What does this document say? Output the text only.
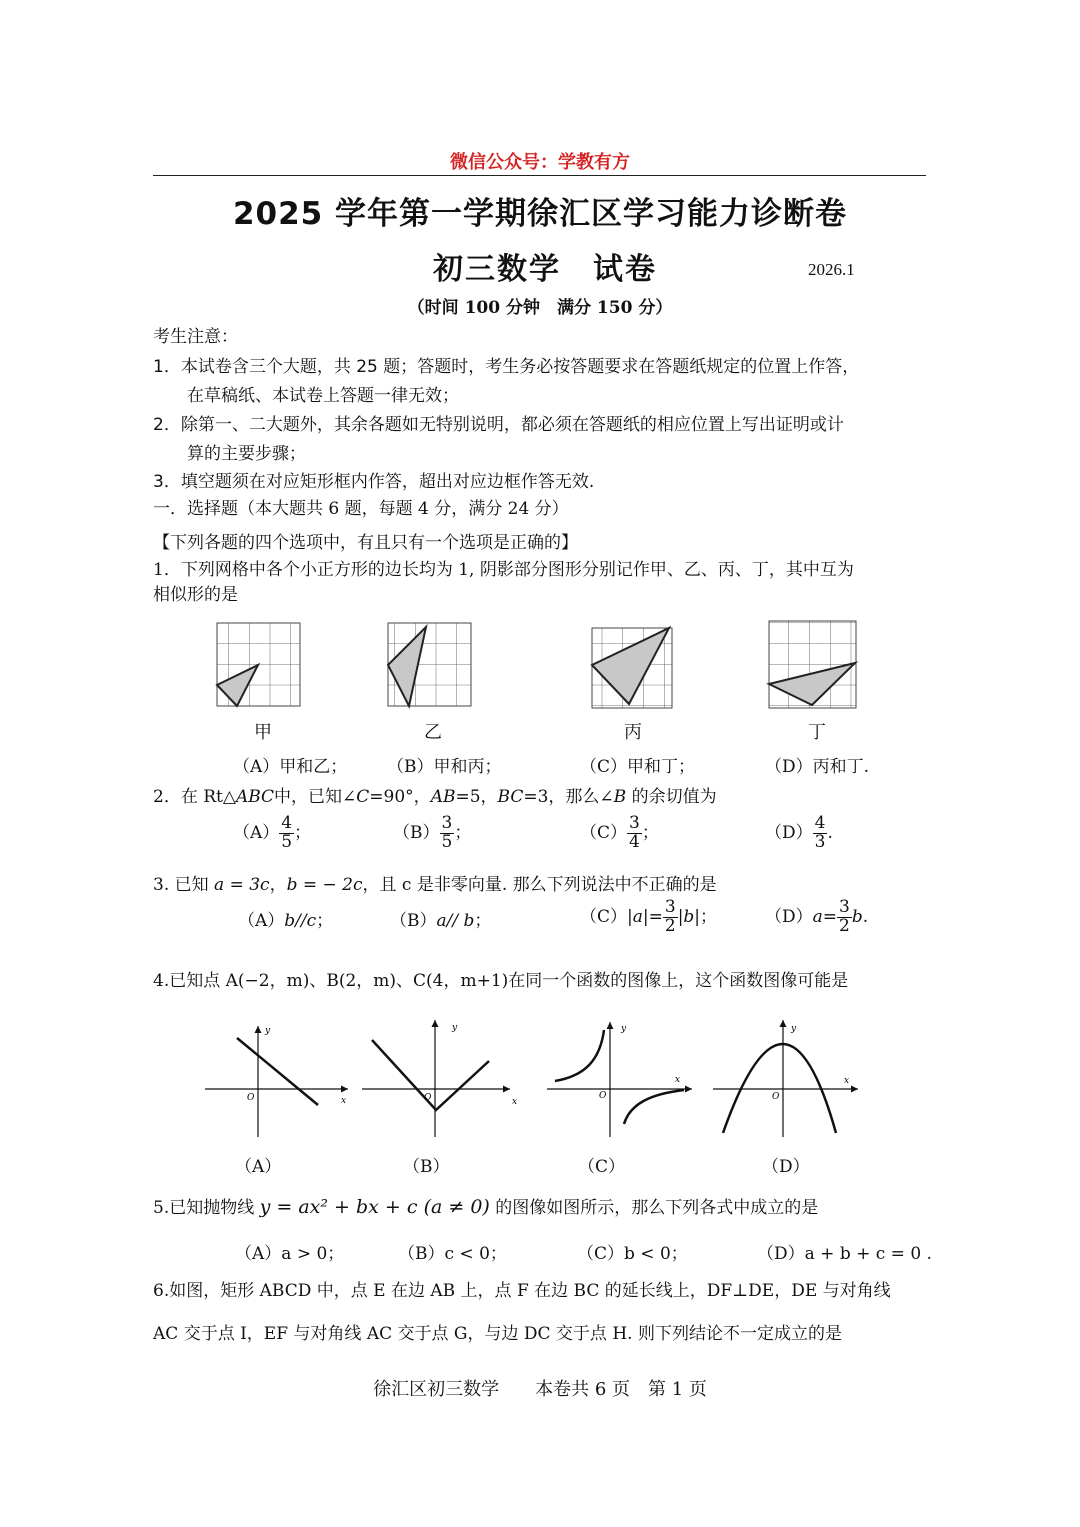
微信公众号：学教有方
2025 学年第一学期徐汇区学习能力诊断卷
初三数学　试卷	2026.1
（时间 100 分钟　满分 150 分）
考生注意：
1．本试卷含三个大题，共 25 题；答题时，考生务必按答题要求在答题纸规定的位置上作答，
在草稿纸、本试卷上答题一律无效；
2．除第一、二大题外，其余各题如无特别说明，都必须在答题纸的相应位置上写出证明或计
算的主要步骤；
3．填空题须在对应矩形框内作答，超出对应边框作答无效.
一．选择题（本大题共 6 题，每题 4 分，满分 24 分）
【下列各题的四个选项中，有且只有一个选项是正确的】
1．下列网格中各个小正方形的边长均为 1, 阴影部分图形分别记作甲、乙、丙、丁，其中互为
相似形的是
甲	乙	丙	丁
（A）甲和乙； （B）甲和丙；	（C）甲和丁；	（D）丙和丁.
2．在 Rt△ABC中，已知∠C=90°，AB=5，BC=3，那么∠B 的余切值为
$(A) \frac{4}{5}$ ；	$(B) \frac{3}{5}$ ；	$(C) \frac{3}{4}$ ；	$(D) \frac{4}{3}$ .
3. 已知 a = 3c，b = − 2c，且 c 是非零向量. 那么下列说法中不正确的是
（A）b//c；	（B）a// b；	$(C)|a|= \frac{3}{2} |b|$；	$(D)a= \frac{3}{2} b$.
4.已知点 A(−2，m)、B(2，m)、C(4，m+1)在同一个函数的图像上，这个函数图像可能是
y
x
O
y
x
O
y
x
O
y
x
O
（A）	（B）	（C）	（D）
5.已知抛物线 y = ax² + bx + c (a ≠ 0) 的图像如图所示，那么下列各式中成立的是
（A）a > 0；	（B）c < 0；	（C）b < 0；	（D）a + b + c = 0 .
6.如图，矩形 ABCD 中，点 E 在边 AB 上，点 F 在边 BC 的延长线上，DF⊥DE，DE 与对角线
AC 交于点 I，EF 与对角线 AC 交于点 G，与边 DC 交于点 H. 则下列结论不一定成立的是
徐汇区初三数学　　本卷共 6 页　第 1 页
